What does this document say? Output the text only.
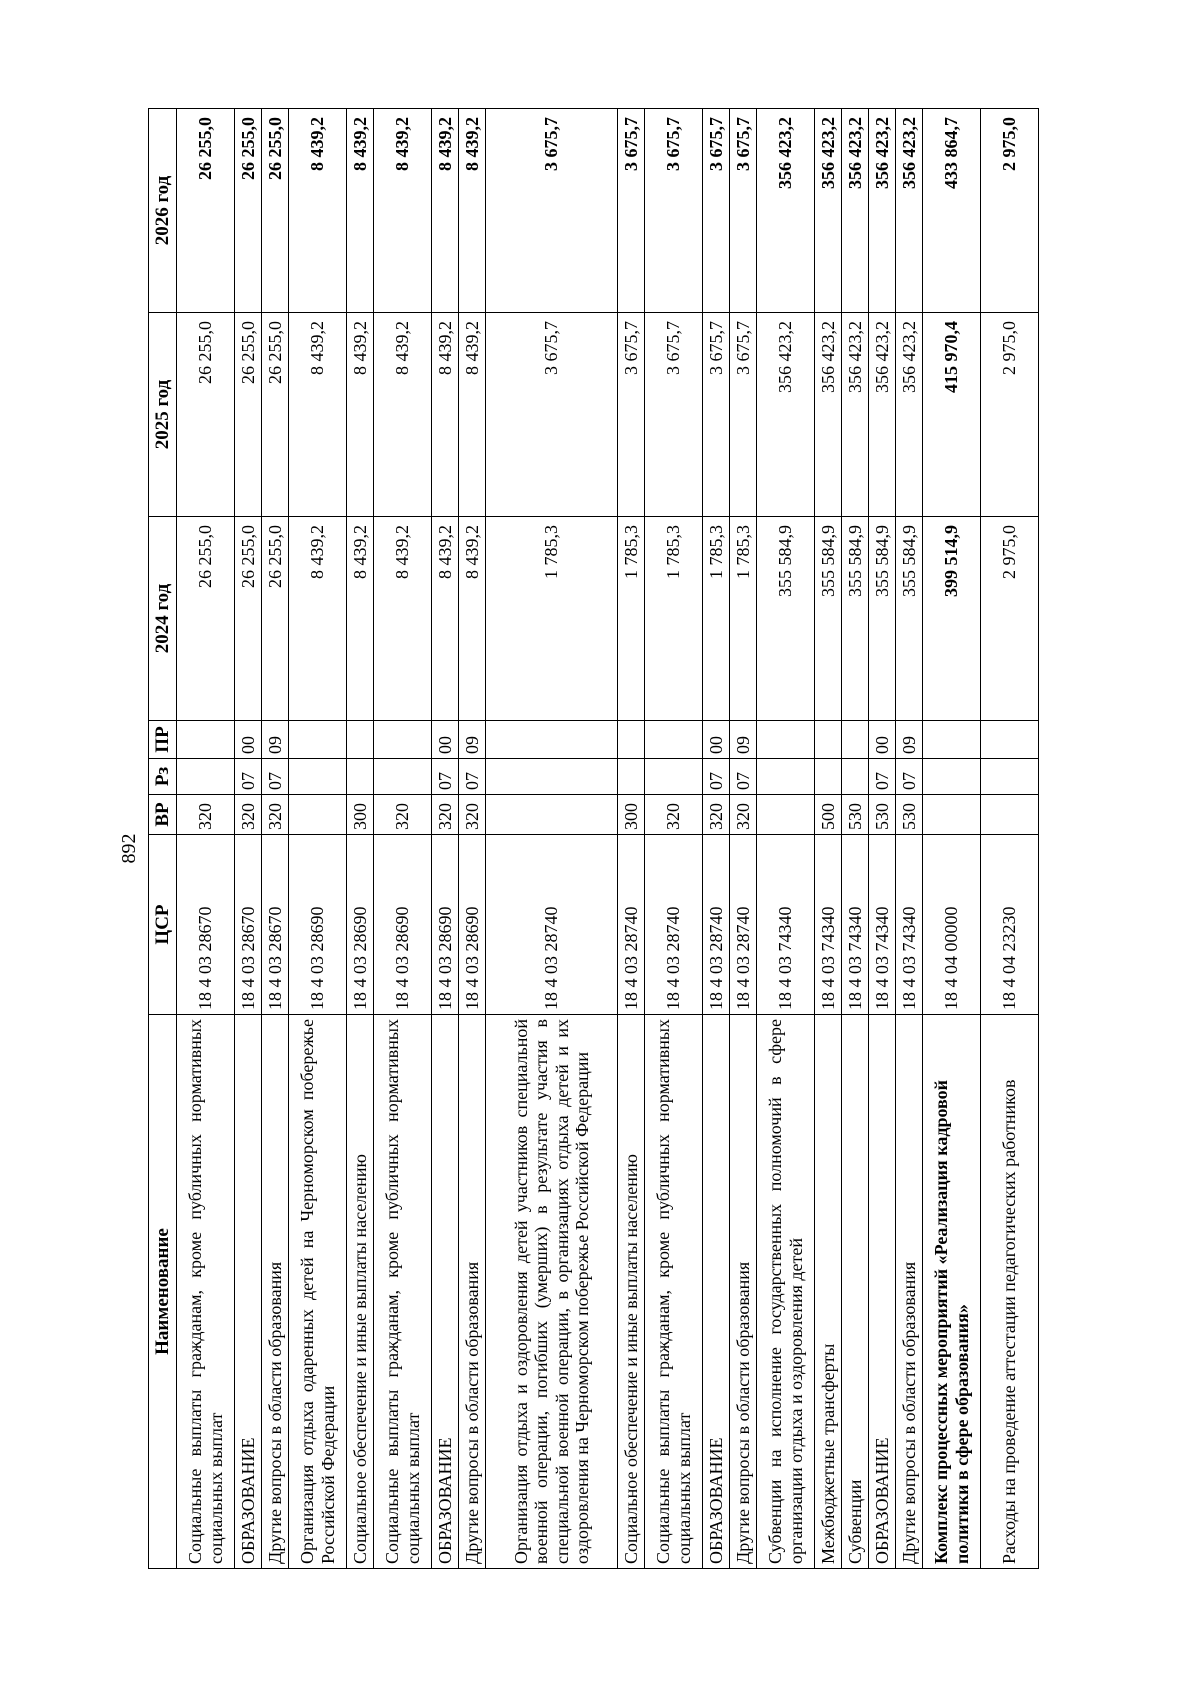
892
Наименование	ЦСР	ВР	Рз	ПР	2024 год	2025 год	2026 год
Социальные выплаты гражданам, кроме публичных нормативных социальных выплат	18 4 03 28670	320			26 255,0	26 255,0	26 255,0
ОБРАЗОВАНИЕ	18 4 03 28670	320	07	00	26 255,0	26 255,0	26 255,0
Другие вопросы в области образования	18 4 03 28670	320	07	09	26 255,0	26 255,0	26 255,0
Организация отдыха одаренных детей на Черноморском побережье Российской Федерации	18 4 03 28690				8 439,2	8 439,2	8 439,2
Социальное обеспечение и иные выплаты населению	18 4 03 28690	300			8 439,2	8 439,2	8 439,2
Социальные выплаты гражданам, кроме публичных нормативных социальных выплат	18 4 03 28690	320			8 439,2	8 439,2	8 439,2
ОБРАЗОВАНИЕ	18 4 03 28690	320	07	00	8 439,2	8 439,2	8 439,2
Другие вопросы в области образования	18 4 03 28690	320	07	09	8 439,2	8 439,2	8 439,2
Организация отдыха и оздоровления детей участников специальной военной операции, погибших (умерших) в результате участия в специальной военной операции, в организациях отдыха детей и их оздоровления на Черноморском побережье Российской Федерации	18 4 03 28740				1 785,3	3 675,7	3 675,7
Социальное обеспечение и иные выплаты населению	18 4 03 28740	300			1 785,3	3 675,7	3 675,7
Социальные выплаты гражданам, кроме публичных нормативных социальных выплат	18 4 03 28740	320			1 785,3	3 675,7	3 675,7
ОБРАЗОВАНИЕ	18 4 03 28740	320	07	00	1 785,3	3 675,7	3 675,7
Другие вопросы в области образования	18 4 03 28740	320	07	09	1 785,3	3 675,7	3 675,7
Субвенции на исполнение государственных полномочий в сфере организации отдыха и оздоровления детей	18 4 03 74340				355 584,9	356 423,2	356 423,2
Межбюджетные трансферты	18 4 03 74340	500			355 584,9	356 423,2	356 423,2
Субвенции	18 4 03 74340	530			355 584,9	356 423,2	356 423,2
ОБРАЗОВАНИЕ	18 4 03 74340	530	07	00	355 584,9	356 423,2	356 423,2
Другие вопросы в области образования	18 4 03 74340	530	07	09	355 584,9	356 423,2	356 423,2
Комплекс процессных мероприятий «Реализация кадровой политики в сфере образования»	18 4 04 00000				399 514,9	415 970,4	433 864,7
Расходы на проведение аттестации педагогических работников	18 4 04 23230				2 975,0	2 975,0	2 975,0
